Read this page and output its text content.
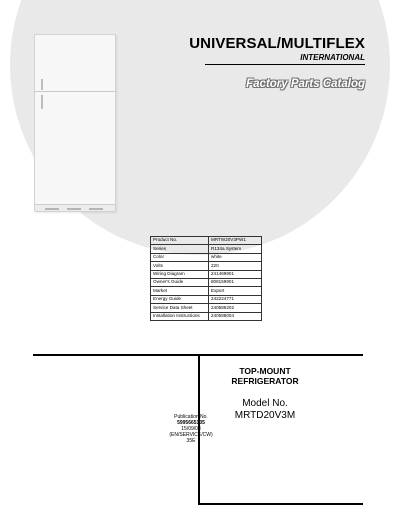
UNIVERSAL/MULTIFLEX
INTERNATIONAL
Factory Parts Catalog
Product No.	MRTW20V3PW1
Series	R134a System
Color	white
Volts	220
Wiring Diagram	241469901
Owner's Guide	808159901
Market	Export
Energy Guide	242224771
Service Data Sheet	240586202
Installation Instructions	240588004
TOP-MOUNT
REFRIGERATOR
Model No.
MRTD20V3M
Publication No.
5995665105
15/09/03
(EN/SERVICE/CW)
35E
